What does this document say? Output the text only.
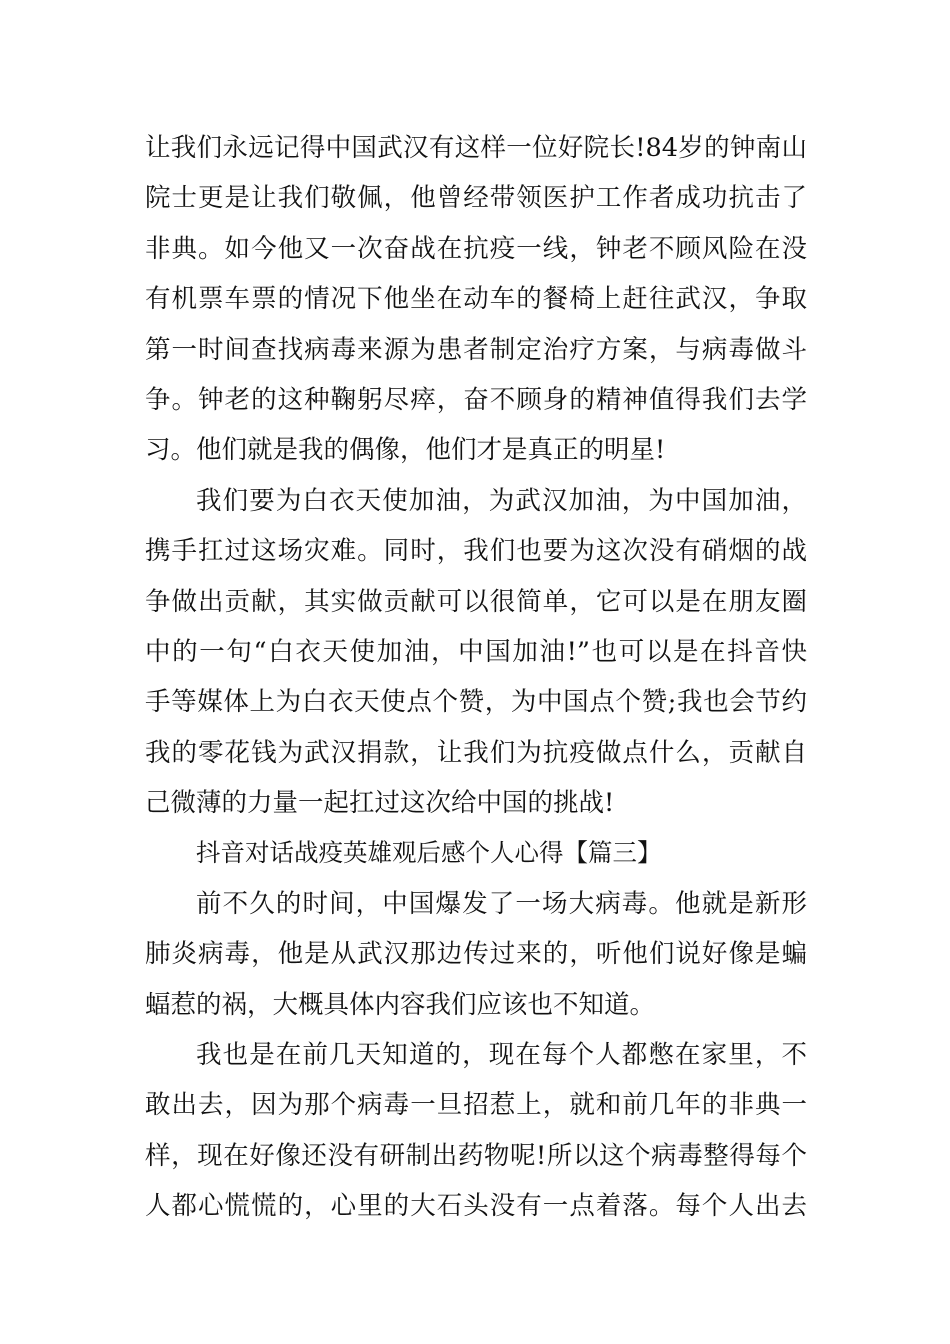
让我们永远记得中国武汉有这样一位好院长!84岁的钟南山
院士更是让我们敬佩，他曾经带领医护工作者成功抗击了
非典。如今他又一次奋战在抗疫一线，钟老不顾风险在没
有机票车票的情况下他坐在动车的餐椅上赶往武汉，争取
第一时间查找病毒来源为患者制定治疗方案，与病毒做斗
争。钟老的这种鞠躬尽瘁，奋不顾身的精神值得我们去学
习。他们就是我的偶像，他们才是真正的明星!
我们要为白衣天使加油，为武汉加油，为中国加油，
携手扛过这场灾难。同时，我们也要为这次没有硝烟的战
争做出贡献，其实做贡献可以很简单，它可以是在朋友圈
中的一句“白衣天使加油，中国加油!”也可以是在抖音快
手等媒体上为白衣天使点个赞，为中国点个赞;我也会节约
我的零花钱为武汉捐款，让我们为抗疫做点什么，贡献自
己微薄的力量一起扛过这次给中国的挑战!
抖音对话战疫英雄观后感个人心得【篇三】
前不久的时间，中国爆发了一场大病毒。他就是新形
肺炎病毒，他是从武汉那边传过来的，听他们说好像是蝙
蝠惹的祸，大概具体内容我们应该也不知道。
我也是在前几天知道的，现在每个人都憋在家里，不
敢出去，因为那个病毒一旦招惹上，就和前几年的非典一
样，现在好像还没有研制出药物呢!所以这个病毒整得每个
人都心慌慌的，心里的大石头没有一点着落。每个人出去
